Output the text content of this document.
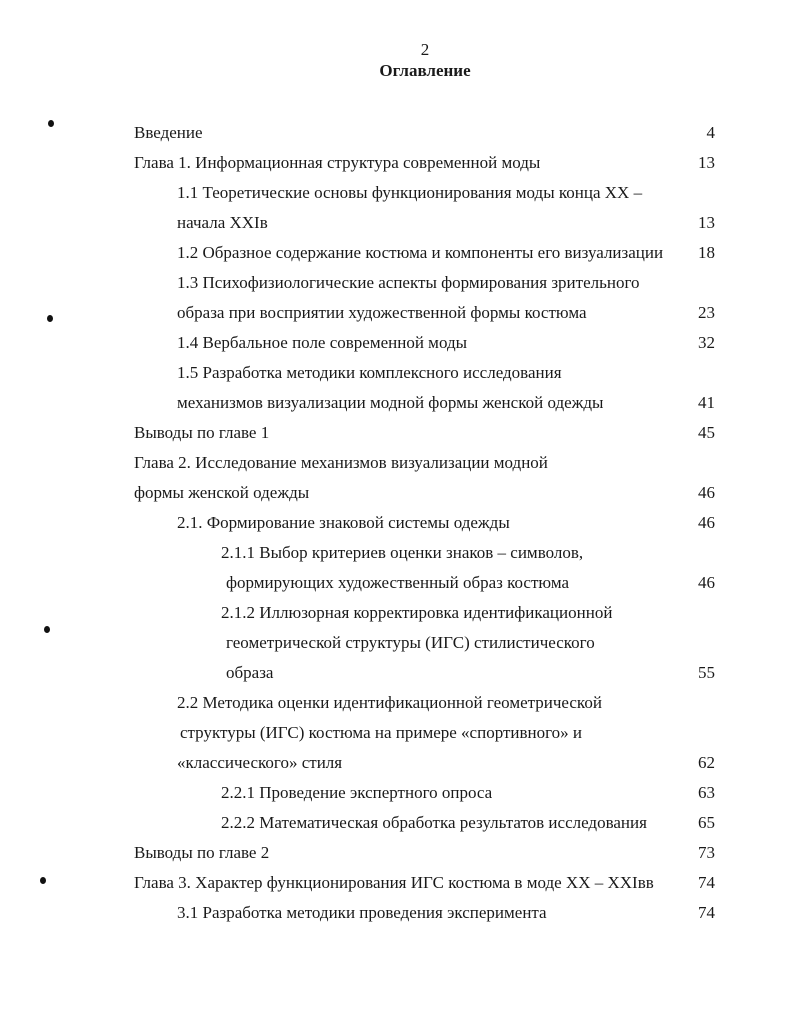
2
Оглавление
Введение	4
Глава 1. Информационная структура современной моды	13
1.1 Теоретические основы функционирования моды конца XX –
начала XXIв	13
1.2 Образное содержание костюма и компоненты его визуализации 18
1.3 Психофизиологические аспекты формирования зрительного
образа при восприятии художественной формы костюма	23
1.4 Вербальное поле современной моды	32
1.5 Разработка методики комплексного исследования
механизмов визуализации модной формы женской одежды	41
Выводы по главе 1	45
Глава 2. Исследование механизмов визуализации модной
формы женской одежды	46
2.1. Формирование знаковой системы одежды	46
2.1.1 Выбор критериев оценки знаков – символов,
формирующих художественный образ костюма	46
2.1.2 Иллюзорная корректировка идентификационной
геометрической структуры (ИГС) стилистического
образа	55
2.2 Методика оценки идентификационной геометрической
структуры (ИГС) костюма на примере «спортивного» и
«классического» стиля	62
2.2.1 Проведение экспертного опроса	63
2.2.2 Математическая обработка результатов исследования	65
Выводы по главе 2	73
Глава 3. Характер функционирования ИГС костюма в моде XX – XXIвв	74
3.1 Разработка методики проведения эксперимента	74
